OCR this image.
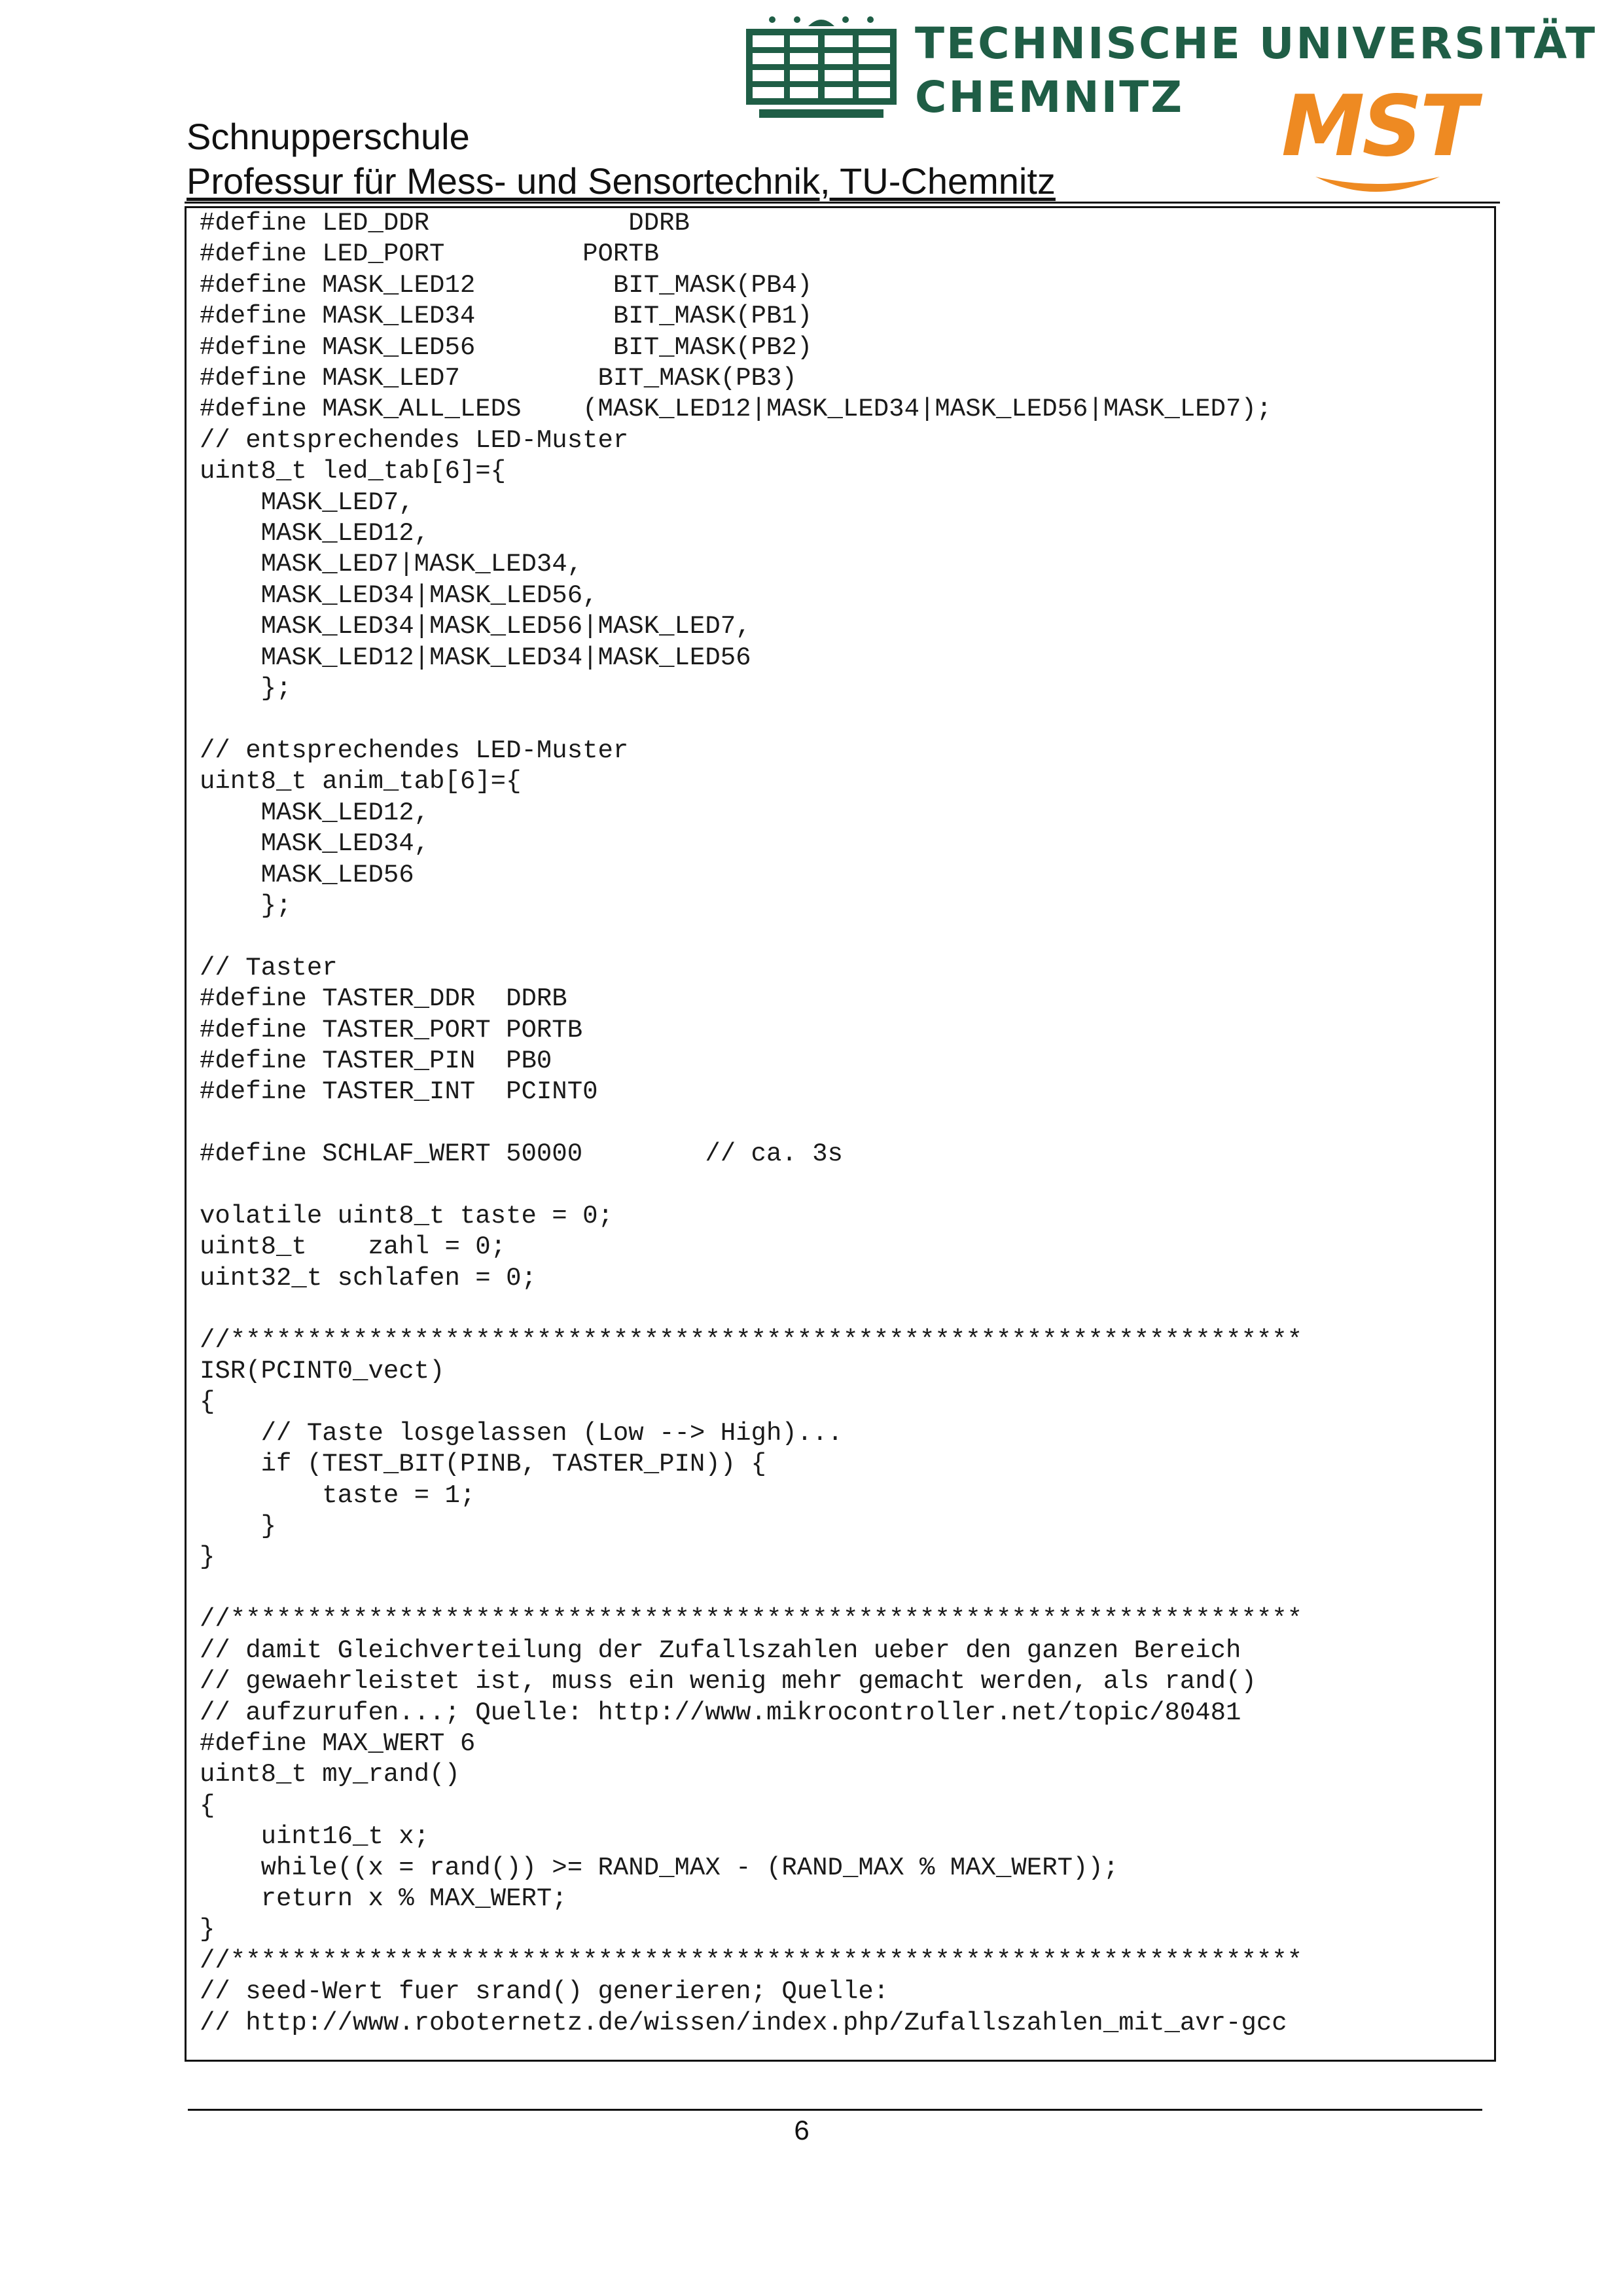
TECHNISCHE UNIVERSITÄT
CHEMNITZ	MST
Schnupperschule
Professur für Mess- und Sensortechnik, TU-Chemnitz
#define LED_DDR             DDRB
#define LED_PORT         PORTB
#define MASK_LED12         BIT_MASK(PB4)
#define MASK_LED34         BIT_MASK(PB1)
#define MASK_LED56         BIT_MASK(PB2)
#define MASK_LED7         BIT_MASK(PB3)
#define MASK_ALL_LEDS    (MASK_LED12|MASK_LED34|MASK_LED56|MASK_LED7);
// entsprechendes LED-Muster
uint8_t led_tab[6]={
MASK_LED7,
MASK_LED12,
MASK_LED7|MASK_LED34,
MASK_LED34|MASK_LED56,
MASK_LED34|MASK_LED56|MASK_LED7,
MASK_LED12|MASK_LED34|MASK_LED56
};

// entsprechendes LED-Muster
uint8_t anim_tab[6]={
MASK_LED12,
MASK_LED34,
MASK_LED56
};

// Taster
#define TASTER_DDR  DDRB
#define TASTER_PORT PORTB
#define TASTER_PIN  PB0
#define TASTER_INT  PCINT0

#define SCHLAF_WERT 50000        // ca. 3s

volatile uint8_t taste = 0;
uint8_t    zahl = 0;
uint32_t schlafen = 0;

//**********************************************************************
ISR(PCINT0_vect)
{
// Taste losgelassen (Low --> High)...
if (TEST_BIT(PINB, TASTER_PIN)) {
taste = 1;
}
}

//**********************************************************************
// damit Gleichverteilung der Zufallszahlen ueber den ganzen Bereich
// gewaehrleistet ist, muss ein wenig mehr gemacht werden, als rand()
// aufzurufen...; Quelle: http://www.mikrocontroller.net/topic/80481
#define MAX_WERT 6
uint8_t my_rand()
{
uint16_t x;
while((x = rand()) >= RAND_MAX - (RAND_MAX % MAX_WERT));
return x % MAX_WERT;
}
//**********************************************************************
// seed-Wert fuer srand() generieren; Quelle:
// http://www.roboternetz.de/wissen/index.php/Zufallszahlen_mit_avr-gcc
6
